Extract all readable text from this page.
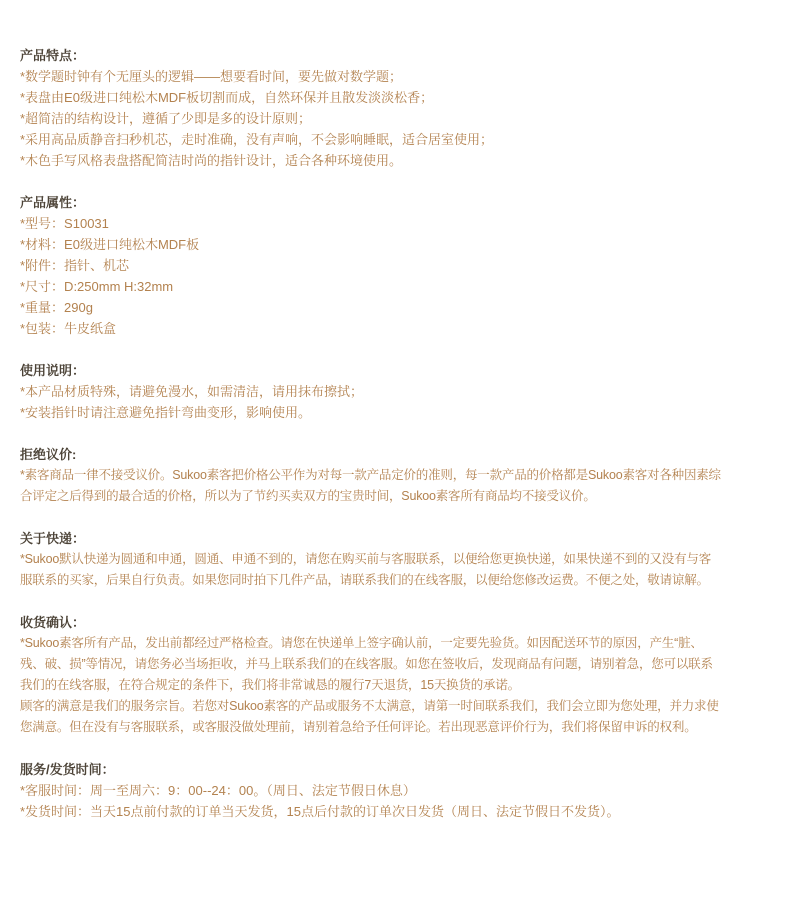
产品特点：

*数学题时钟有个无厘头的逻辑——想要看时间，要先做对数学题；

*表盘由E0级进口纯松木MDF板切割而成，自然环保并且散发淡淡松香；

*超简洁的结构设计，遵循了少即是多的设计原则；

*采用高品质静音扫秒机芯，走时准确，没有声响，不会影响睡眠，适合居室使用；

*木色手写风格表盘搭配简洁时尚的指针设计，适合各种环境使用。

产品属性：

*型号：S10031

*材料：E0级进口纯松木MDF板

*附件：指针、机芯

*尺寸：D:250mm H:32mm

*重量：290g

*包装：牛皮纸盒

使用说明：

*本产品材质特殊，请避免漫水，如需清洁，请用抹布擦拭；

*安装指针时请注意避免指针弯曲变形，影响使用。

拒绝议价:

*素客商品一律不接受议价。Sukoo素客把价格公平作为对每一款产品定价的准则，每一款产品的价格都是Sukoo素客对各种因素综合评定之后得到的最合适的价格，所以为了节约买卖双方的宝贵时间，Sukoo素客所有商品均不接受议价。

关于快递：

*Sukoo默认快递为圆通和申通，圆通、申通不到的，请您在购买前与客服联系，以便给您更换快递，如果快递不到的又没有与客服联系的买家，后果自行负责。如果您同时拍下几件产品，请联系我们的在线客服，以便给您修改运费。不便之处，敬请谅解。

收货确认：

*Sukoo素客所有产品，发出前都经过严格检查。请您在快递单上签字确认前，一定要先验货。如因配送环节的原因，产生“脏、残、破、损”等情况，请您务必当场拒收，并马上联系我们的在线客服。如您在签收后，发现商品有问题，请别着急，您可以联系我们的在线客服，在符合规定的条件下，我们将非常诚恳的履行7天退货，15天换货的承诺。

顾客的满意是我们的服务宗旨。若您对Sukoo素客的产品或服务不太满意，请第一时间联系我们，我们会立即为您处理，并力求使您满意。但在没有与客服联系，或客服没做处理前，请别着急给予任何评论。若出现恶意评价行为，我们将保留申诉的权利。

服务/发货时间：

*客服时间：周一至周六：9：00--24：00。（周日、法定节假日休息）

*发货时间：当天15点前付款的订单当天发货，15点后付款的订单次日发货（周日、法定节假日不发货）。
